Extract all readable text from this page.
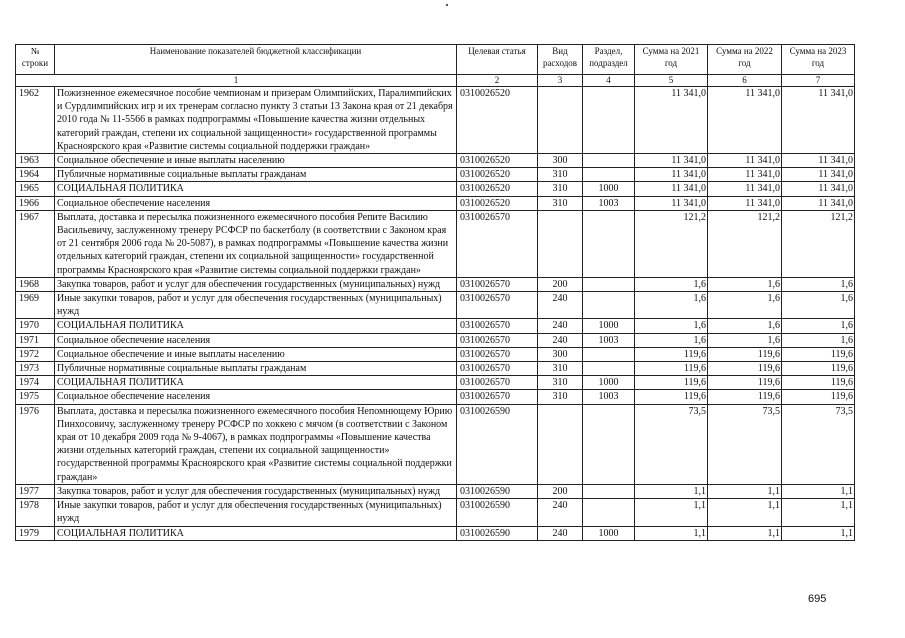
№ строки	Наименование показателей бюджетной классификации	Целевая статья	Вид расходов	Раздел, подраздел	Сумма на 2021 год	Сумма на 2022 год	Сумма на 2023 год
1		2	3	4	5	6	7
1962	Пожизненное ежемесячное пособие чемпионам и призерам Олимпийских, Паралимпийских и Сурдлимпийских игр и их тренерам согласно пункту 3 статьи 13 Закона края от 21 декабря 2010 года № 11-5566 в рамках подпрограммы «Повышение качества жизни отдельных категорий граждан, степени их социальной защищенности» государственной программы Красноярского края «Развитие системы социальной поддержки граждан»	0310026520			11 341,0	11 341,0	11 341,0
1963	Социальное обеспечение и иные выплаты населению	0310026520	300		11 341,0	11 341,0	11 341,0
1964	Публичные нормативные социальные выплаты гражданам	0310026520	310		11 341,0	11 341,0	11 341,0
1965	СОЦИАЛЬНАЯ ПОЛИТИКА	0310026520	310	1000	11 341,0	11 341,0	11 341,0
1966	Социальное обеспечение населения	0310026520	310	1003	11 341,0	11 341,0	11 341,0
1967	Выплата, доставка и пересылка пожизненного ежемесячного пособия Репите Василию Васильевичу, заслуженному тренеру РСФСР по баскетболу (в соответствии с Законом края от 21 сентября 2006 года № 20-5087), в рамках подпрограммы «Повышение качества жизни отдельных категорий граждан, степени их социальной защищенности» государственной программы Красноярского края «Развитие системы социальной поддержки граждан»	0310026570			121,2	121,2	121,2
1968	Закупка товаров, работ и услуг для обеспечения государственных (муниципальных) нужд	0310026570	200		1,6	1,6	1,6
1969	Иные закупки товаров, работ и услуг для обеспечения государственных (муниципальных) нужд	0310026570	240		1,6	1,6	1,6
1970	СОЦИАЛЬНАЯ ПОЛИТИКА	0310026570	240	1000	1,6	1,6	1,6
1971	Социальное обеспечение населения	0310026570	240	1003	1,6	1,6	1,6
1972	Социальное обеспечение и иные выплаты населению	0310026570	300		119,6	119,6	119,6
1973	Публичные нормативные социальные выплаты гражданам	0310026570	310		119,6	119,6	119,6
1974	СОЦИАЛЬНАЯ ПОЛИТИКА	0310026570	310	1000	119,6	119,6	119,6
1975	Социальное обеспечение населения	0310026570	310	1003	119,6	119,6	119,6
1976	Выплата, доставка и пересылка пожизненного ежемесячного пособия Непомнющему Юрию Пинхосовичу, заслуженному тренеру РСФСР по хоккею с мячом (в соответствии с Законом края от 10 декабря 2009 года № 9-4067), в рамках подпрограммы «Повышение качества жизни отдельных категорий граждан, степени их социальной защищенности» государственной программы Красноярского края «Развитие системы социальной поддержки граждан»	0310026590			73,5	73,5	73,5
1977	Закупка товаров, работ и услуг для обеспечения государственных (муниципальных) нужд	0310026590	200		1,1	1,1	1,1
1978	Иные закупки товаров, работ и услуг для обеспечения государственных (муниципальных) нужд	0310026590	240		1,1	1,1	1,1
1979	СОЦИАЛЬНАЯ ПОЛИТИКА	0310026590	240	1000	1,1	1,1	1,1
695
